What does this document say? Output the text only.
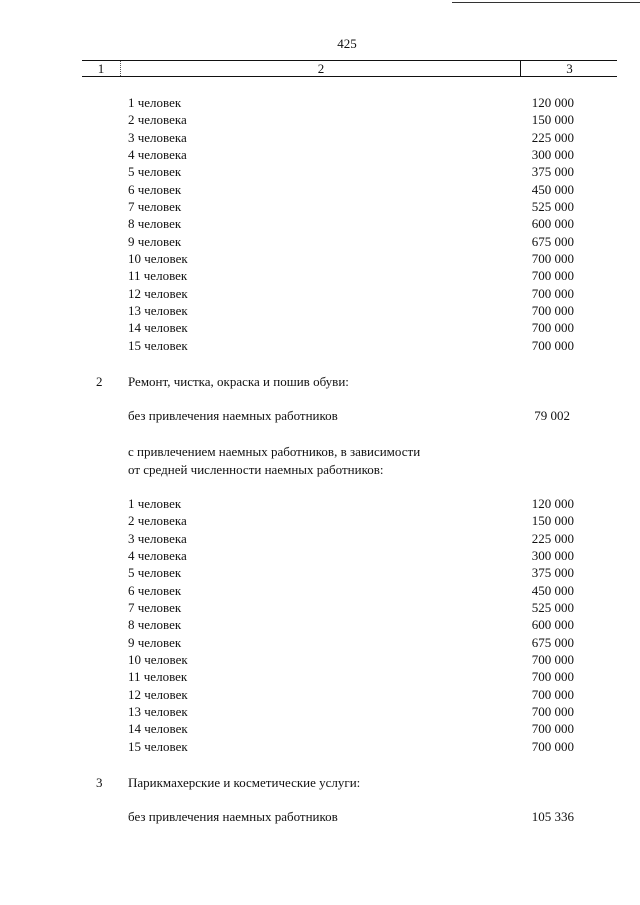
425
1	2	3
1 человек	120 000
2 человека	150 000
3 человека	225 000
4 человека	300 000
5 человек	375 000
6 человек	450 000
7 человек	525 000
8 человек	600 000
9 человек	675 000
10 человек	700 000
11 человек	700 000
12 человек	700 000
13 человек	700 000
14 человек	700 000
15 человек	700 000
2 Ремонт, чистка, окраска и пошив обуви:
без привлечения наемных работников	79 002
с привлечением наемных работников, в зависимости
от средней численности наемных работников:
1 человек	120 000
2 человека	150 000
3 человека	225 000
4 человека	300 000
5 человек	375 000
6 человек	450 000
7 человек	525 000
8 человек	600 000
9 человек	675 000
10 человек	700 000
11 человек	700 000
12 человек	700 000
13 человек	700 000
14 человек	700 000
15 человек	700 000
3 Парикмахерские и косметические услуги:
без привлечения наемных работников	105 336
